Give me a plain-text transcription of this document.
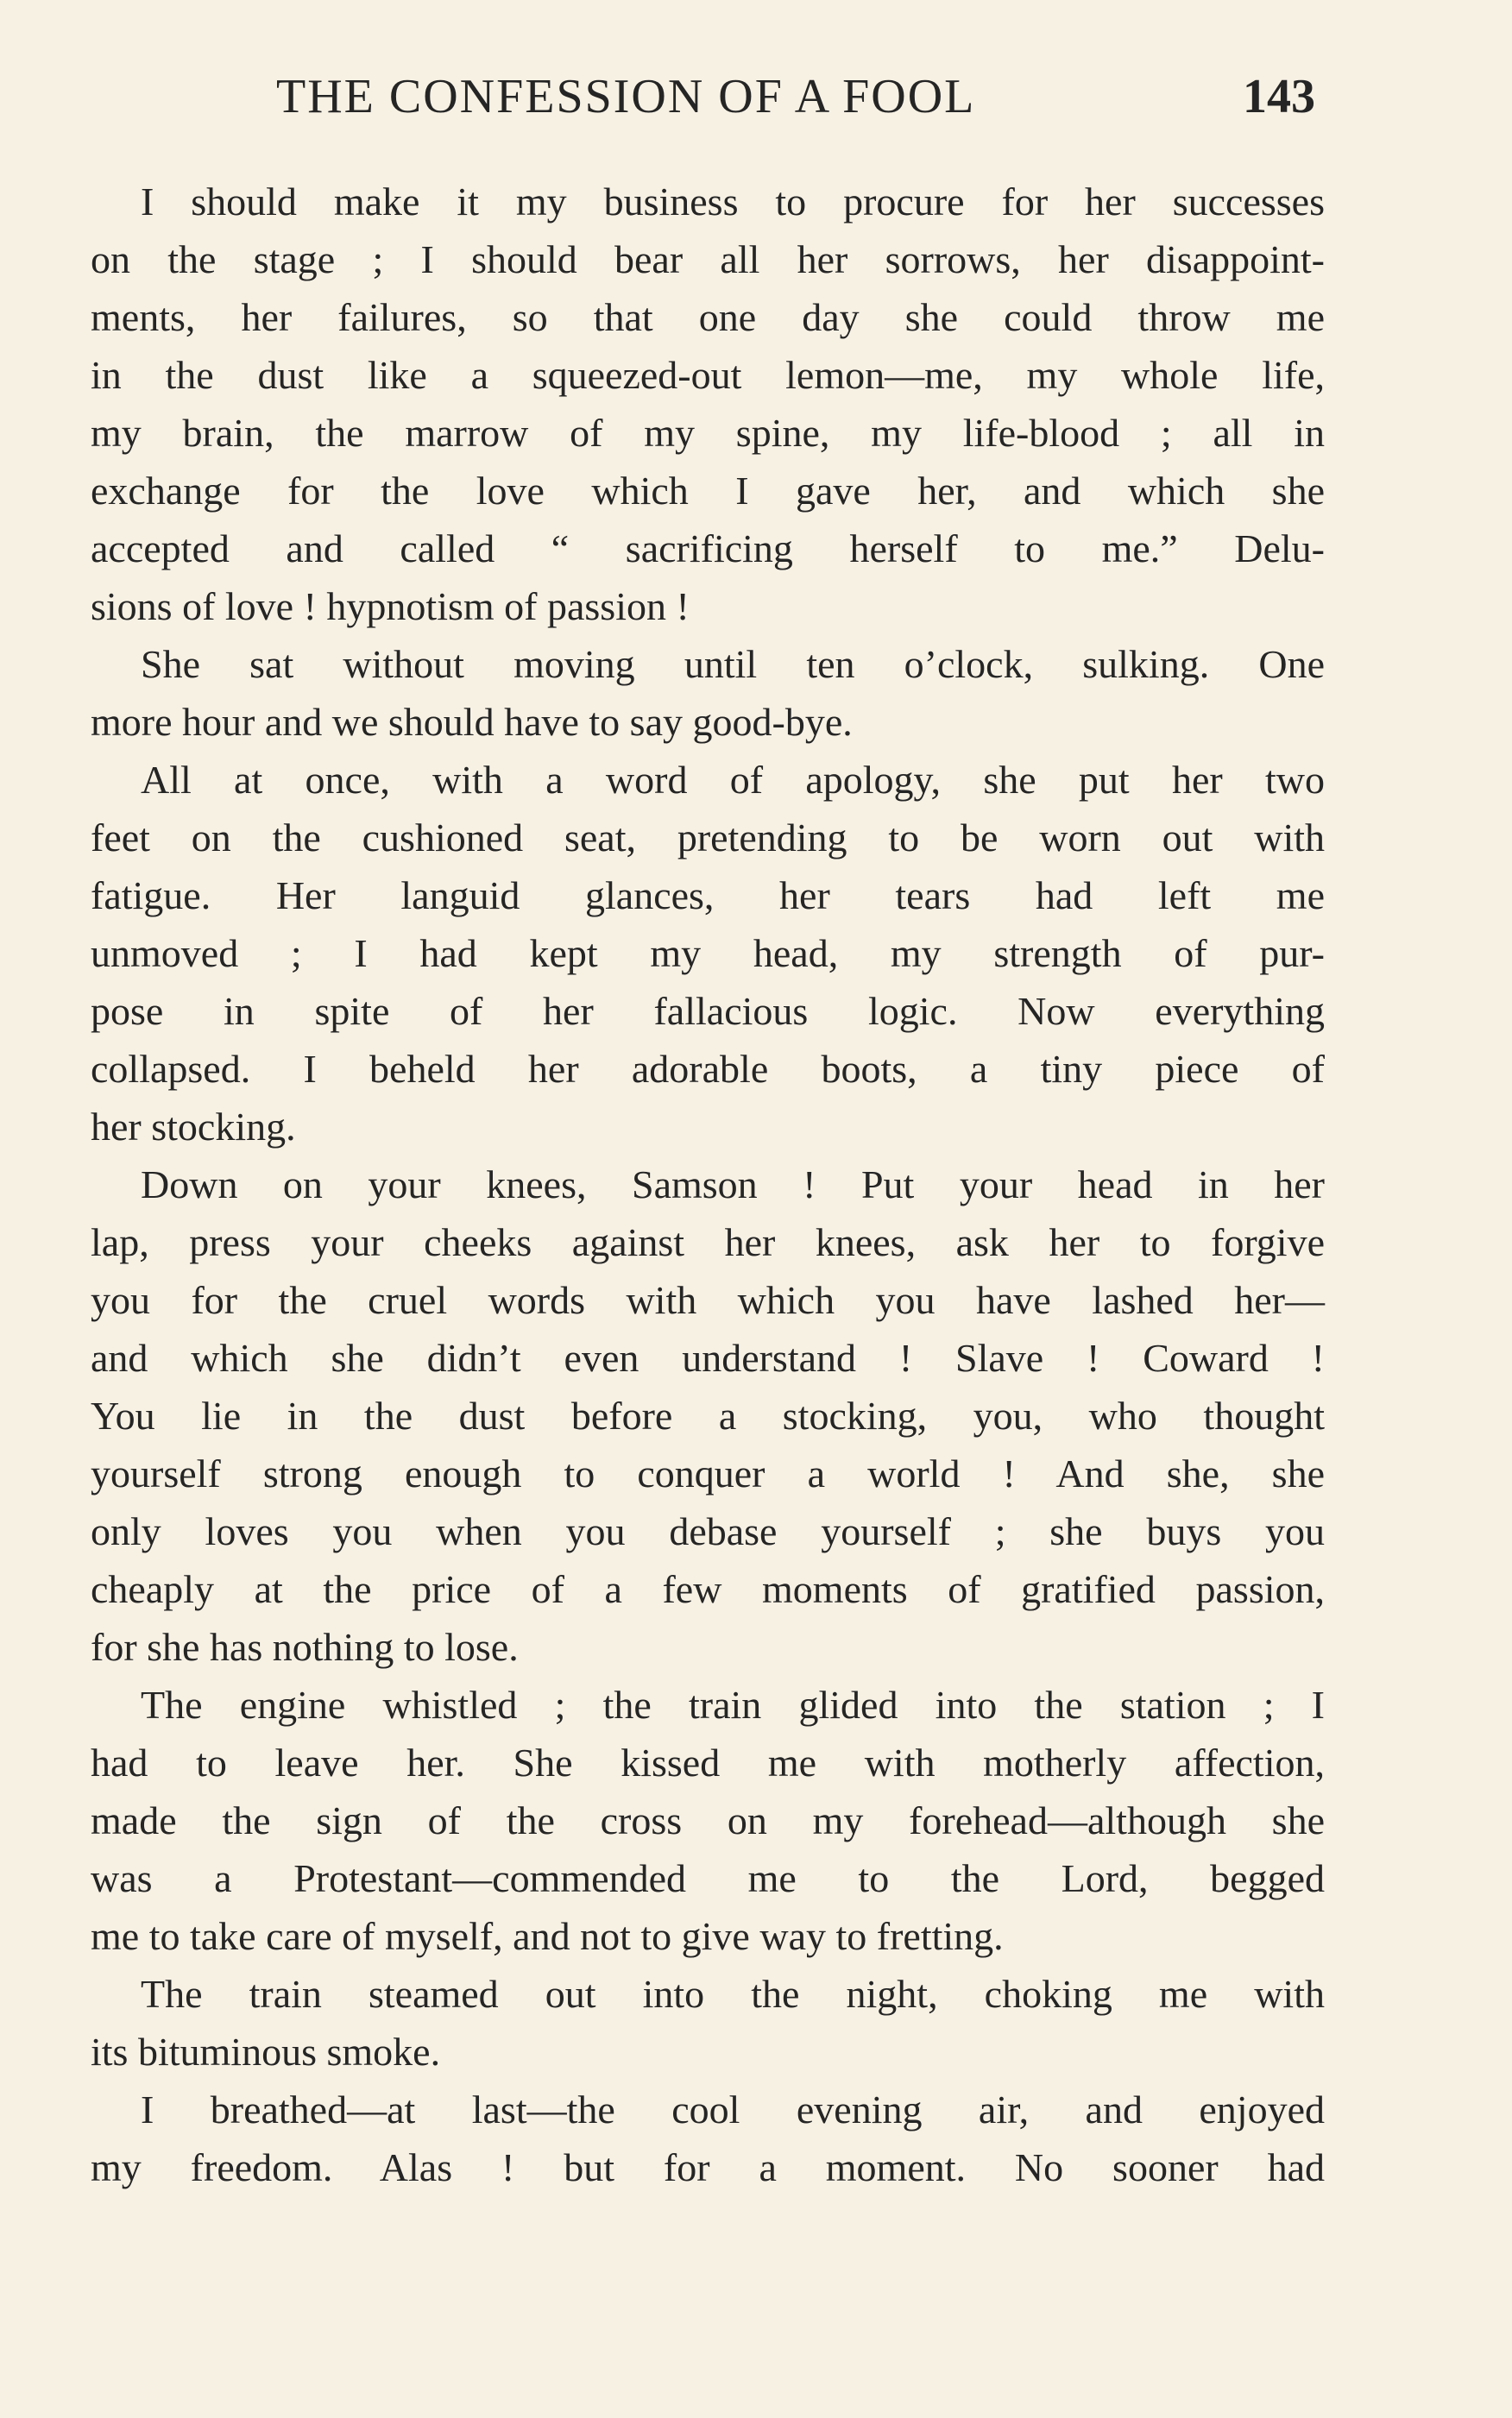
THE CONFESSION OF A FOOL	143
I should make it my business to procure for her successes
on the stage ; I should bear all her sorrows, her disappoint-
ments, her failures, so that one day she could throw me
in the dust like a squeezed-out lemon—me, my whole life,
my brain, the marrow of my spine, my life-blood ; all in
exchange for the love which I gave her, and which she
accepted and called “ sacrificing herself to me.” Delu-
sions of love ! hypnotism of passion !
She sat without moving until ten o’clock, sulking. One
more hour and we should have to say good-bye.
All at once, with a word of apology, she put her two
feet on the cushioned seat, pretending to be worn out with
fatigue. Her languid glances, her tears had left me
unmoved ; I had kept my head, my strength of pur-
pose in spite of her fallacious logic. Now everything
collapsed. I beheld her adorable boots, a tiny piece of
her stocking.
Down on your knees, Samson ! Put your head in her
lap, press your cheeks against her knees, ask her to forgive
you for the cruel words with which you have lashed her—
and which she didn’t even understand ! Slave ! Coward !
You lie in the dust before a stocking, you, who thought
yourself strong enough to conquer a world ! And she, she
only loves you when you debase yourself ; she buys you
cheaply at the price of a few moments of gratified passion,
for she has nothing to lose.
The engine whistled ; the train glided into the station ; I
had to leave her. She kissed me with motherly affection,
made the sign of the cross on my forehead—although she
was a Protestant—commended me to the Lord, begged
me to take care of myself, and not to give way to fretting.
The train steamed out into the night, choking me with
its bituminous smoke.
I breathed—at last—the cool evening air, and enjoyed
my freedom. Alas ! but for a moment. No sooner had
